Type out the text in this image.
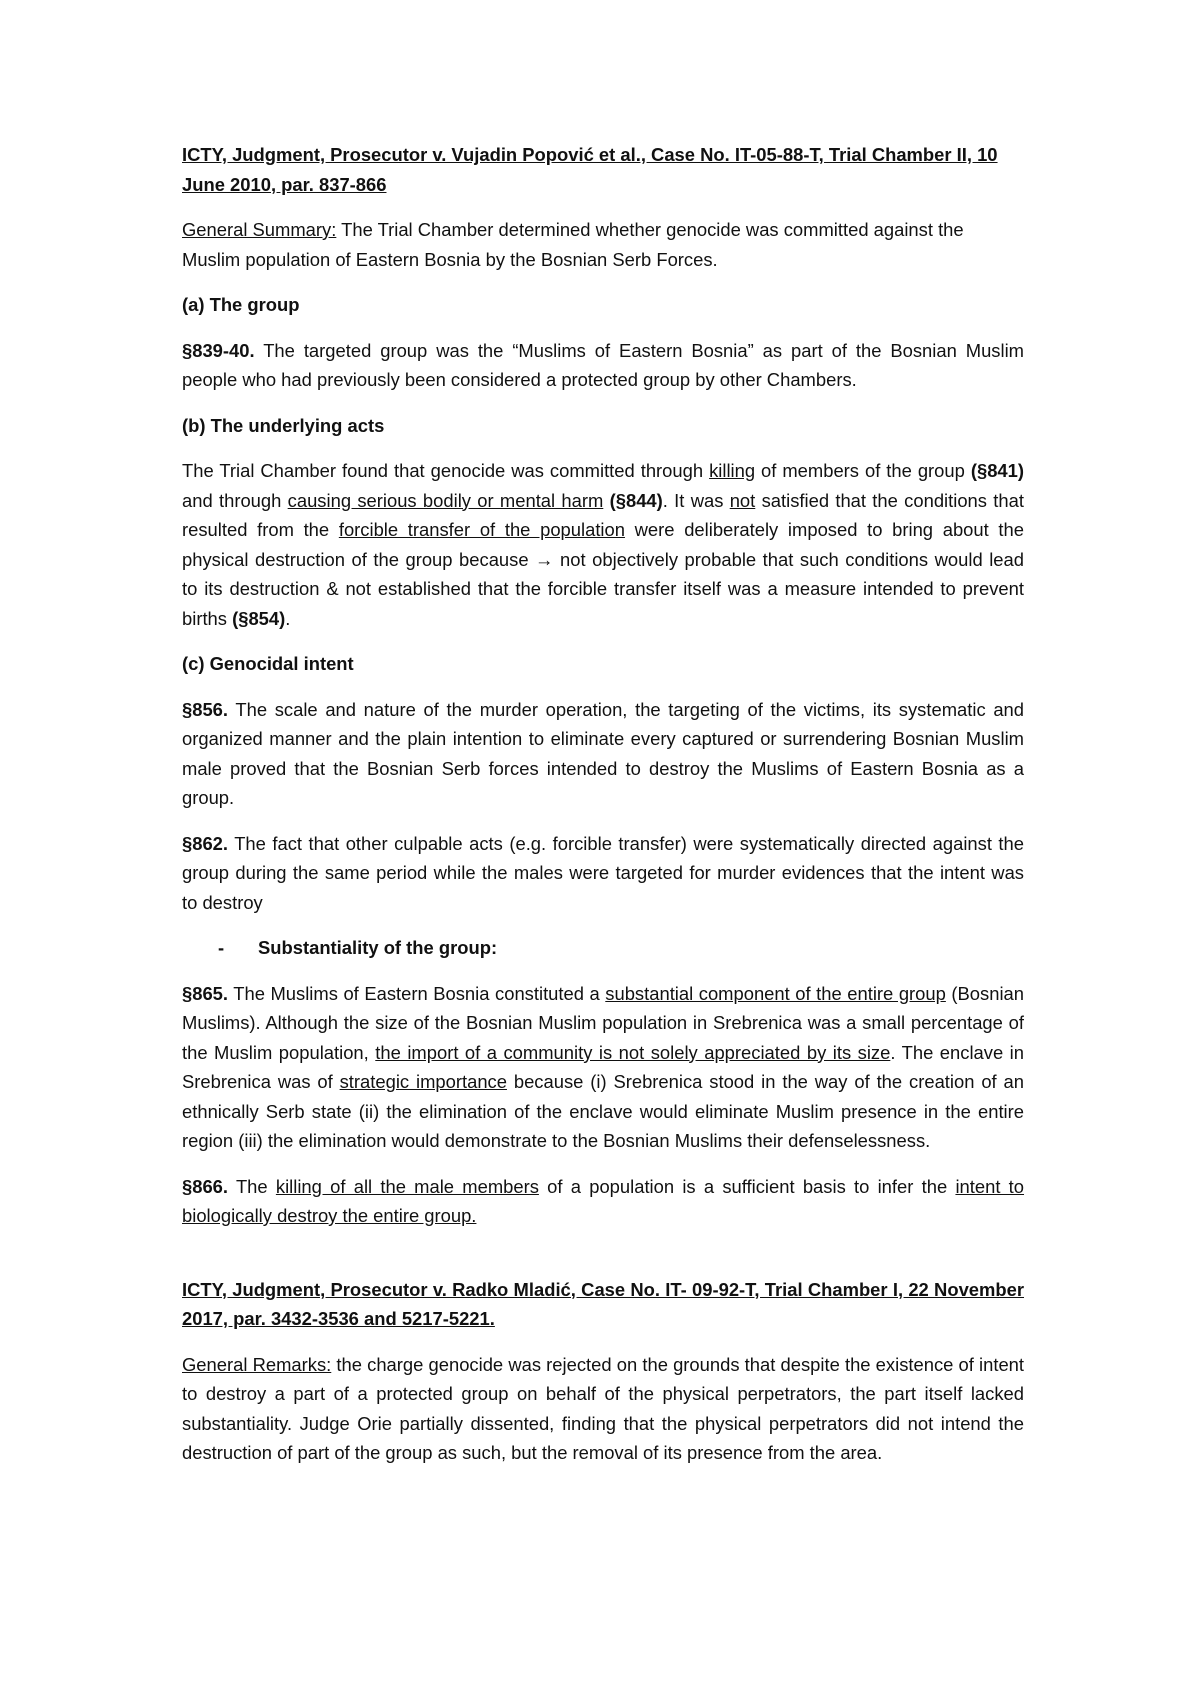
ICTY, Judgment, Prosecutor v. Vujadin Popović et al., Case No. IT-05-88-T, Trial Chamber II, 10 June 2010, par. 837-866

General Summary: The Trial Chamber determined whether genocide was committed against the Muslim population of Eastern Bosnia by the Bosnian Serb Forces.

(a) The group

§839-40. The targeted group was the “Muslims of Eastern Bosnia” as part of the Bosnian Muslim people who had previously been considered a protected group by other Chambers.

(b) The underlying acts

The Trial Chamber found that genocide was committed through killing of members of the group (§841) and through causing serious bodily or mental harm (§844). It was not satisfied that the conditions that resulted from the forcible transfer of the population were deliberately imposed to bring about the physical destruction of the group because → not objectively probable that such conditions would lead to its destruction & not established that the forcible transfer itself was a measure intended to prevent births (§854).

(c) Genocidal intent

§856. The scale and nature of the murder operation, the targeting of the victims, its systematic and organized manner and the plain intention to eliminate every captured or surrendering Bosnian Muslim male proved that the Bosnian Serb forces intended to destroy the Muslims of Eastern Bosnia as a group.

§862. The fact that other culpable acts (e.g. forcible transfer) were systematically directed against the group during the same period while the males were targeted for murder evidences that the intent was to destroy

-	Substantiality of the group:

§865. The Muslims of Eastern Bosnia constituted a substantial component of the entire group (Bosnian Muslims). Although the size of the Bosnian Muslim population in Srebrenica was a small percentage of the Muslim population, the import of a community is not solely appreciated by its size. The enclave in Srebrenica was of strategic importance because (i) Srebrenica stood in the way of the creation of an ethnically Serb state (ii) the elimination of the enclave would eliminate Muslim presence in the entire region (iii) the elimination would demonstrate to the Bosnian Muslims their defenselessness.

§866. The killing of all the male members of a population is a sufficient basis to infer the intent to biologically destroy the entire group.

ICTY, Judgment, Prosecutor v. Radko Mladić, Case No. IT- 09-92-T, Trial Chamber I, 22 November 2017, par. 3432-3536 and 5217-5221.

General Remarks: the charge genocide was rejected on the grounds that despite the existence of intent to destroy a part of a protected group on behalf of the physical perpetrators, the part itself lacked substantiality. Judge Orie partially dissented, finding that the physical perpetrators did not intend the destruction of part of the group as such, but the removal of its presence from the area.
